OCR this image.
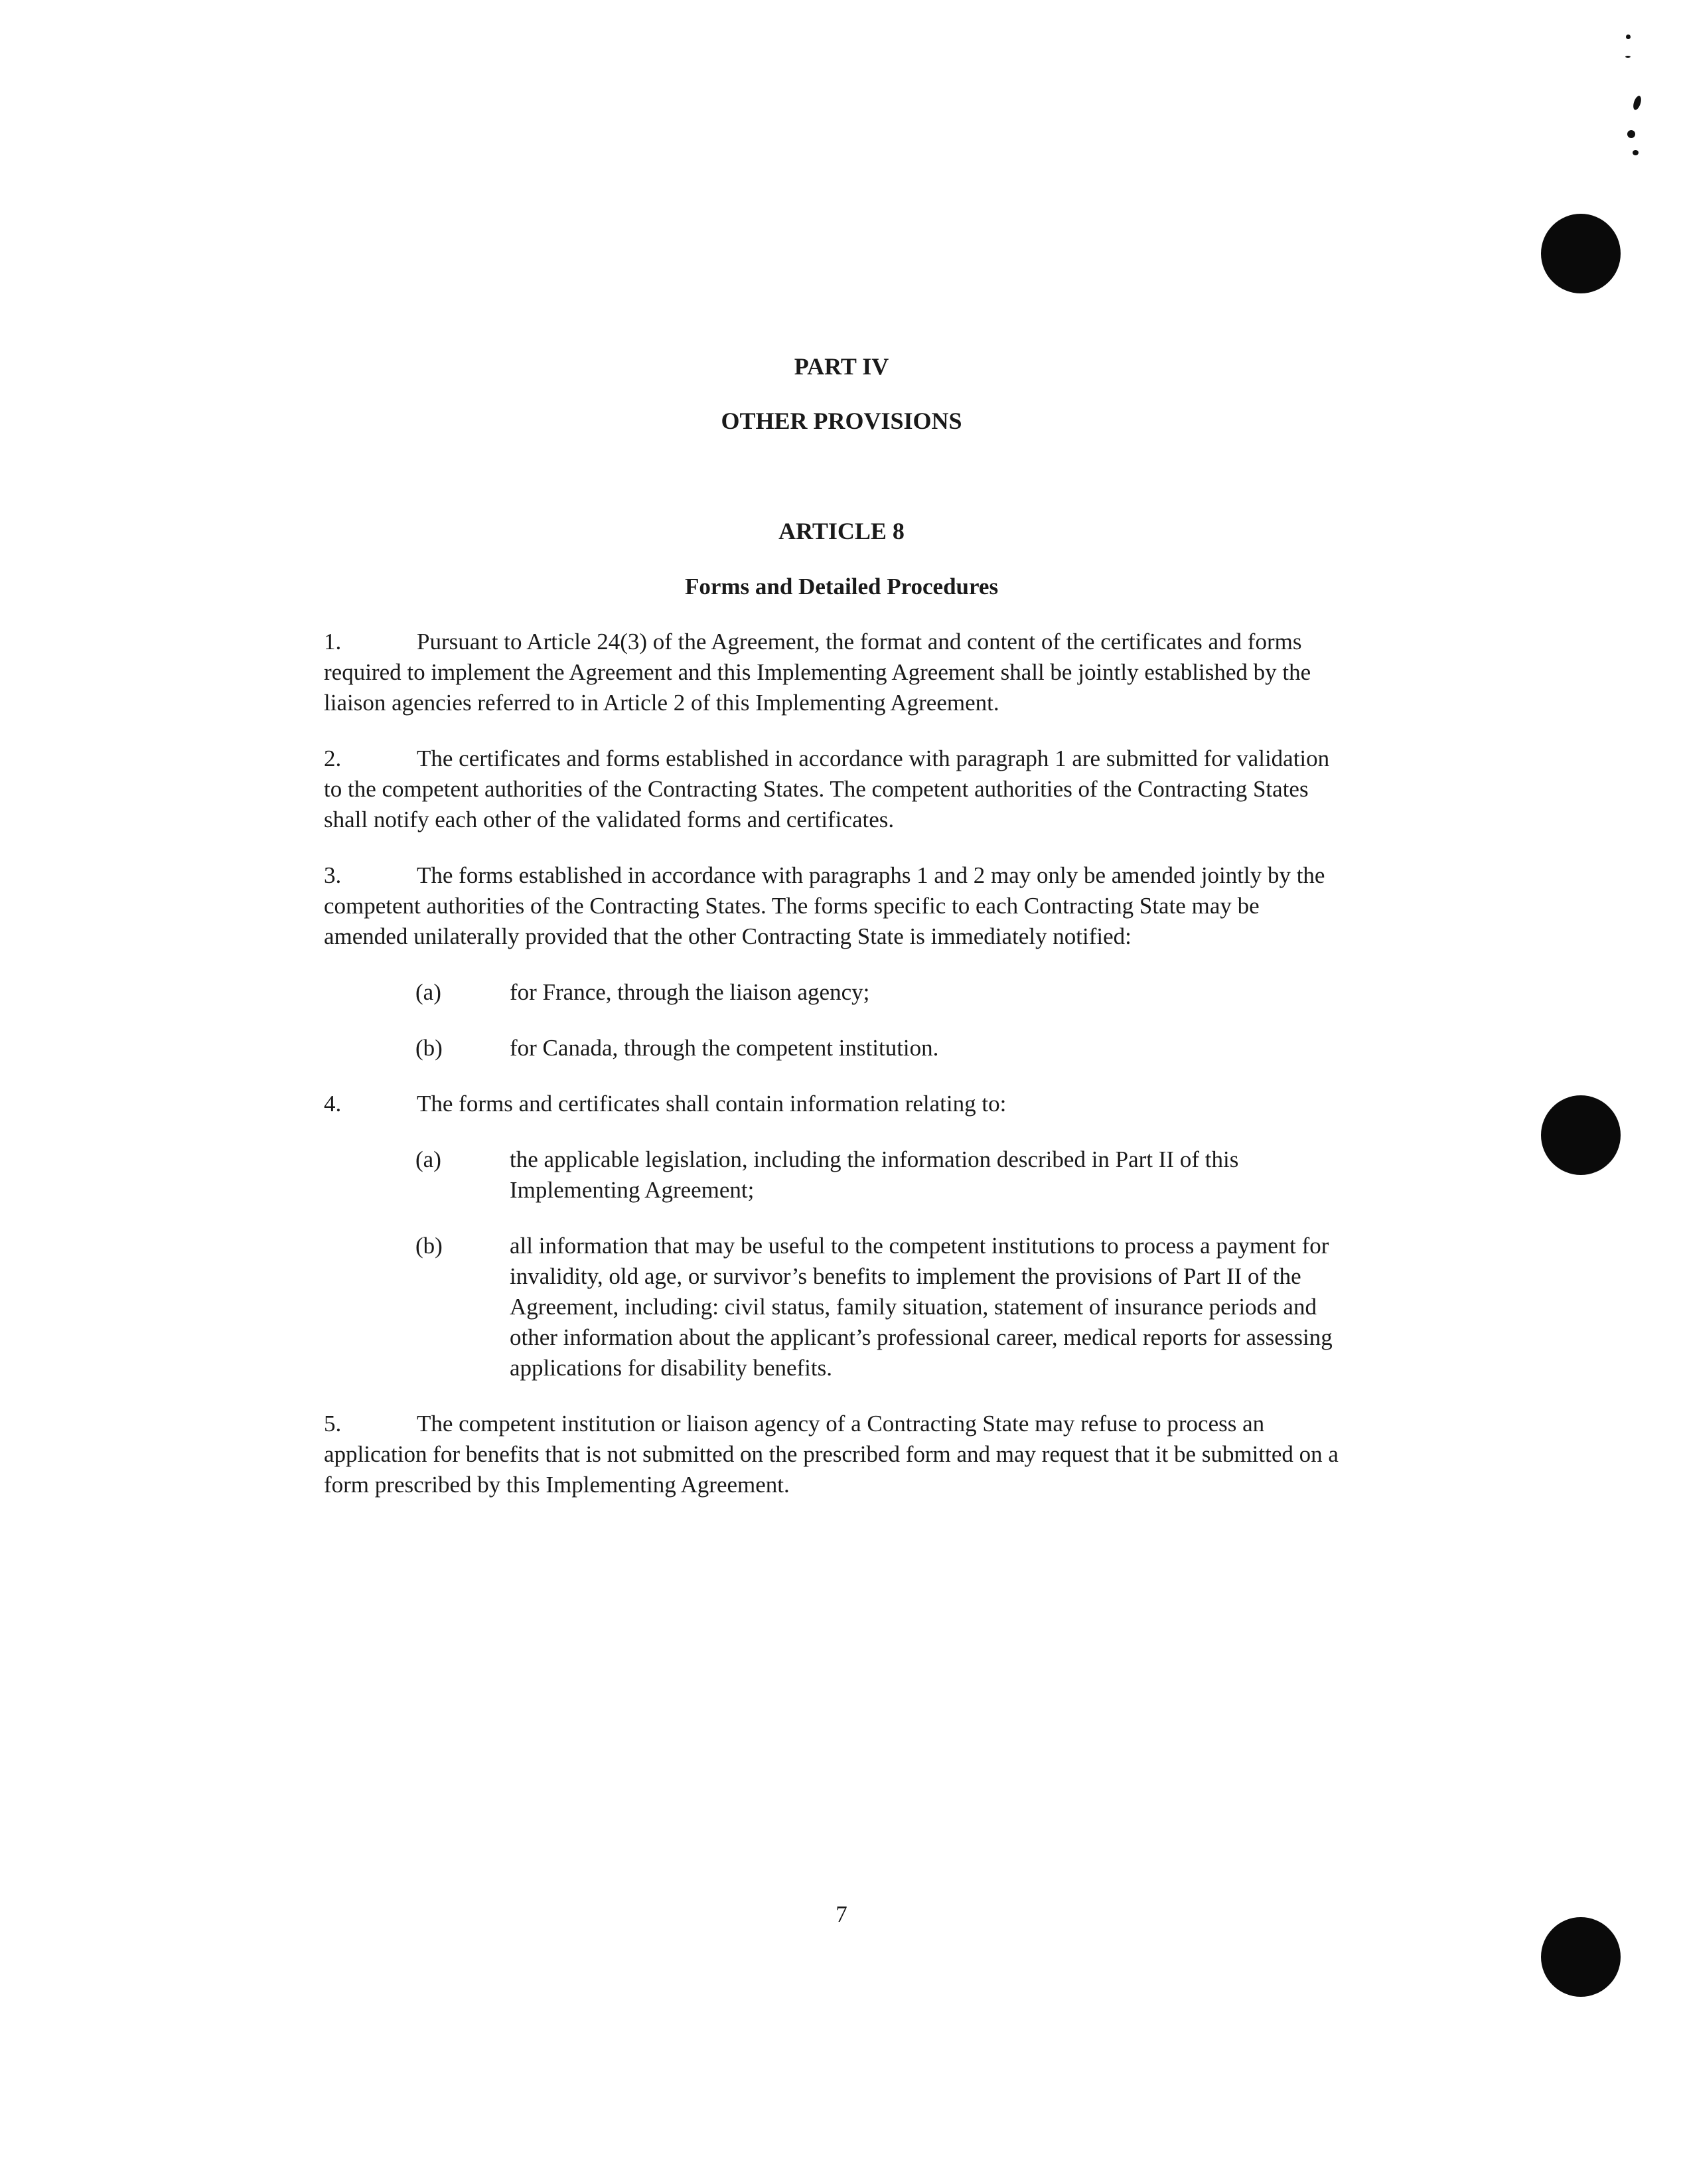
PART IV
OTHER PROVISIONS
ARTICLE 8
Forms and Detailed Procedures

1.	Pursuant to Article 24(3) of the Agreement, the format and content of the certificates and forms required to implement the Agreement and this Implementing Agreement shall be jointly established by the liaison agencies referred to in Article 2 of this Implementing Agreement.

2.	The certificates and forms established in accordance with paragraph 1 are submitted for validation to the competent authorities of the Contracting States. The competent authorities of the Contracting States shall notify each other of the validated forms and certificates.

3.	The forms established in accordance with paragraphs 1 and 2 may only be amended jointly by the competent authorities of the Contracting States. The forms specific to each Contracting State may be amended unilaterally provided that the other Contracting State is immediately notified:

(a)	for France, through the liaison agency;
(b)	for Canada, through the competent institution.
4.	The forms and certificates shall contain information relating to:
(a)	the applicable legislation, including the information described in Part II of this Implementing Agreement;
(b)	all information that may be useful to the competent institutions to process a payment for invalidity, old age, or survivor’s benefits to implement the provisions of Part II of the Agreement, including: civil status, family situation, statement of insurance periods and other information about the applicant’s professional career, medical reports for assessing applications for disability benefits.

5.	The competent institution or liaison agency of a Contracting State may refuse to process an application for benefits that is not submitted on the prescribed form and may request that it be submitted on a form prescribed by this Implementing Agreement.

7
